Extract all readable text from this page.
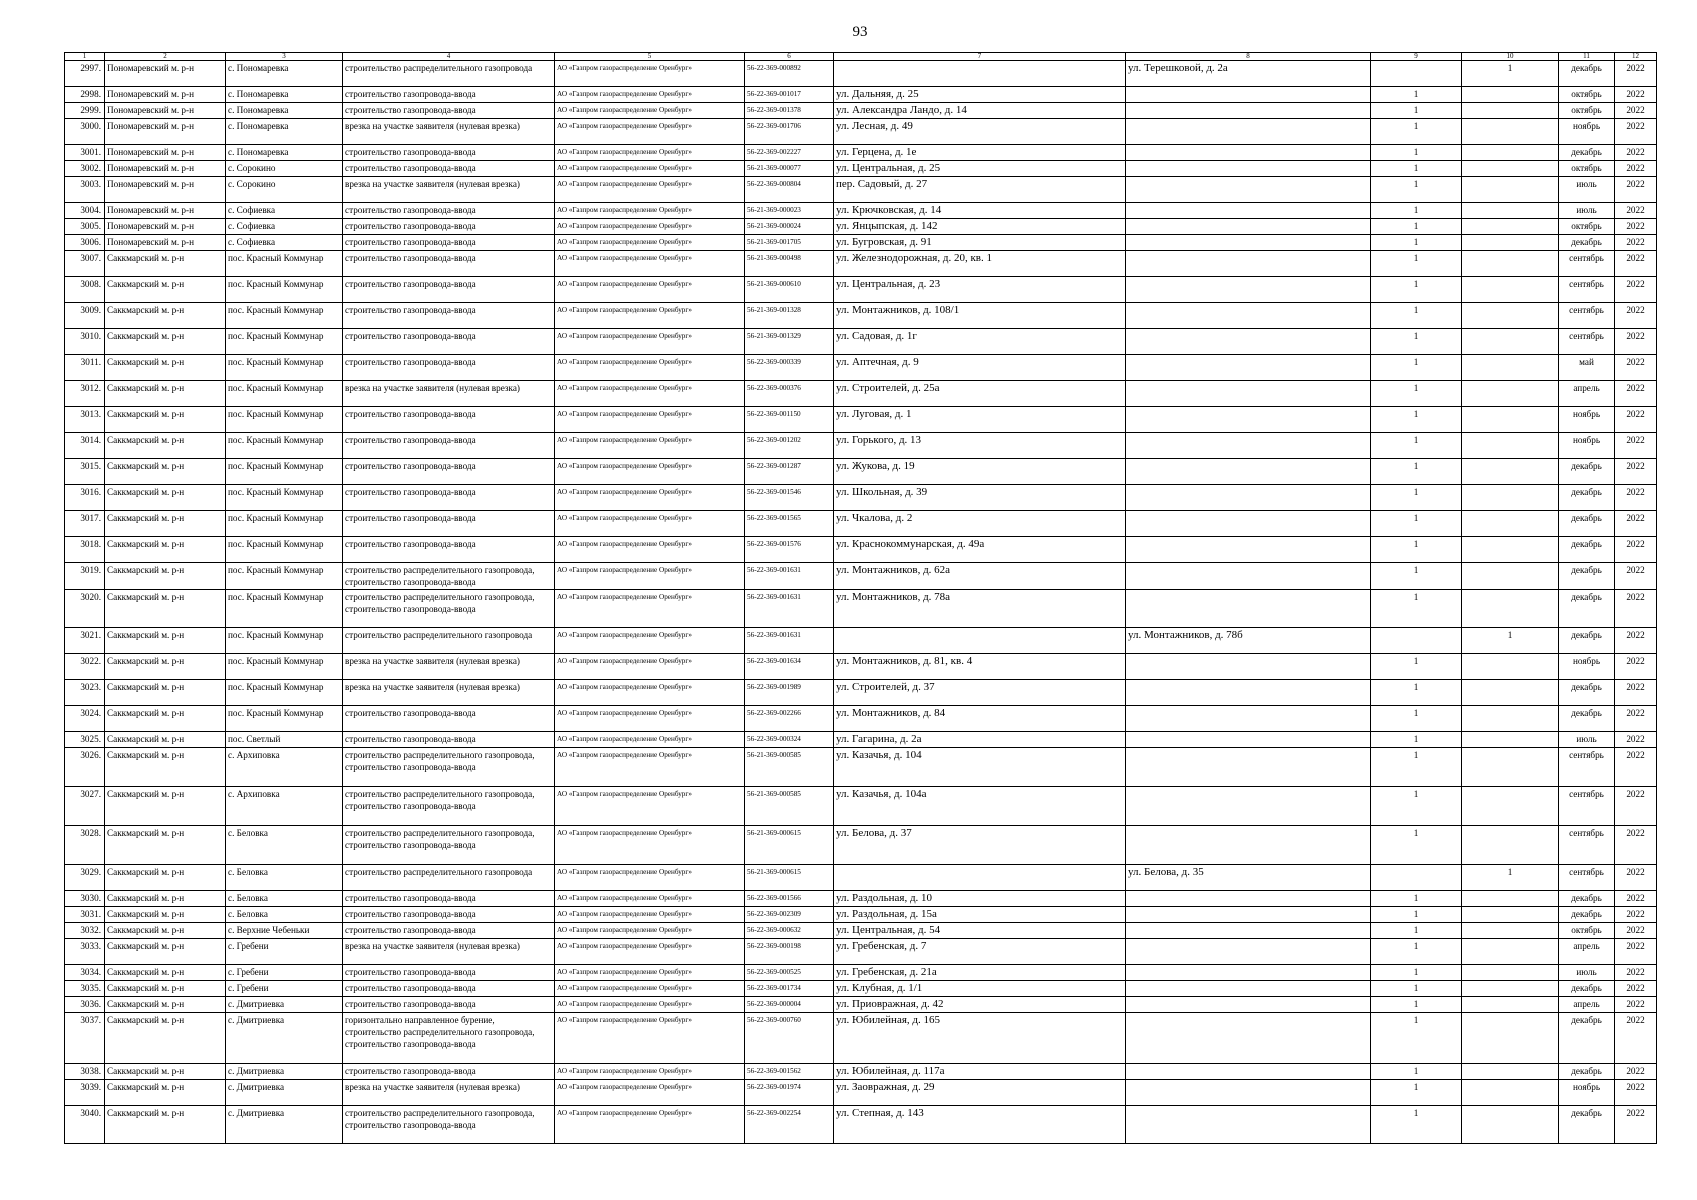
93
1	2	3	4	5	6	7	8	9	10	11	12
2997.	Пономаревский м. р-н	с. Пономаревка	строительство распределительного газопровода	АО «Газпром газораспределение Оренбург»	56-22-369-000892		ул. Терешковой, д. 2а		1	декабрь	2022
2998.	Пономаревский м. р-н	с. Пономаревка	строительство газопровода-ввода	АО «Газпром газораспределение Оренбург»	56-22-369-001017	ул. Дальняя, д. 25		1		октябрь	2022
2999.	Пономаревский м. р-н	с. Пономаревка	строительство газопровода-ввода	АО «Газпром газораспределение Оренбург»	56-22-369-001378	ул. Александра Ландо, д. 14		1		октябрь	2022
3000.	Пономаревский м. р-н	с. Пономаревка	врезка на участке заявителя (нулевая врезка)	АО «Газпром газораспределение Оренбург»	56-22-369-001706	ул. Лесная, д. 49		1		ноябрь	2022
3001.	Пономаревский м. р-н	с. Пономаревка	строительство газопровода-ввода	АО «Газпром газораспределение Оренбург»	56-22-369-002227	ул. Герцена, д. 1е		1		декабрь	2022
3002.	Пономаревский м. р-н	с. Сорокино	строительство газопровода-ввода	АО «Газпром газораспределение Оренбург»	56-21-369-000077	ул. Центральная, д. 25		1		октябрь	2022
3003.	Пономаревский м. р-н	с. Сорокино	врезка на участке заявителя (нулевая врезка)	АО «Газпром газораспределение Оренбург»	56-22-369-000804	пер. Садовый, д. 27		1		июль	2022
3004.	Пономаревский м. р-н	с. Софиевка	строительство газопровода-ввода	АО «Газпром газораспределение Оренбург»	56-21-369-000023	ул. Крючковская, д. 14		1		июль	2022
3005.	Пономаревский м. р-н	с. Софиевка	строительство газопровода-ввода	АО «Газпром газораспределение Оренбург»	56-21-369-000024	ул. Янцыпская, д. 142		1		октябрь	2022
3006.	Пономаревский м. р-н	с. Софиевка	строительство газопровода-ввода	АО «Газпром газораспределение Оренбург»	56-21-369-001705	ул. Бугровская, д. 91		1		декабрь	2022
3007.	Саккмарский м. р-н	пос. Красный Коммунар	строительство газопровода-ввода	АО «Газпром газораспределение Оренбург»	56-21-369-000498	ул. Железнодорожная, д. 20, кв. 1		1		сентябрь	2022
3008.	Саккмарский м. р-н	пос. Красный Коммунар	строительство газопровода-ввода	АО «Газпром газораспределение Оренбург»	56-21-369-000610	ул. Центральная, д. 23		1		сентябрь	2022
3009.	Саккмарский м. р-н	пос. Красный Коммунар	строительство газопровода-ввода	АО «Газпром газораспределение Оренбург»	56-21-369-001328	ул. Монтажников, д. 108/1		1		сентябрь	2022
3010.	Саккмарский м. р-н	пос. Красный Коммунар	строительство газопровода-ввода	АО «Газпром газораспределение Оренбург»	56-21-369-001329	ул. Садовая, д. 1г		1		сентябрь	2022
3011.	Саккмарский м. р-н	пос. Красный Коммунар	строительство газопровода-ввода	АО «Газпром газораспределение Оренбург»	56-22-369-000339	ул. Аптечная, д. 9		1		май	2022
3012.	Саккмарский м. р-н	пос. Красный Коммунар	врезка на участке заявителя (нулевая врезка)	АО «Газпром газораспределение Оренбург»	56-22-369-000376	ул. Строителей, д. 25а		1		апрель	2022
3013.	Саккмарский м. р-н	пос. Красный Коммунар	строительство газопровода-ввода	АО «Газпром газораспределение Оренбург»	56-22-369-001150	ул. Луговая, д. 1		1		ноябрь	2022
3014.	Саккмарский м. р-н	пос. Красный Коммунар	строительство газопровода-ввода	АО «Газпром газораспределение Оренбург»	56-22-369-001202	ул. Горького, д. 13		1		ноябрь	2022
3015.	Саккмарский м. р-н	пос. Красный Коммунар	строительство газопровода-ввода	АО «Газпром газораспределение Оренбург»	56-22-369-001287	ул. Жукова, д. 19		1		декабрь	2022
3016.	Саккмарский м. р-н	пос. Красный Коммунар	строительство газопровода-ввода	АО «Газпром газораспределение Оренбург»	56-22-369-001546	ул. Школьная, д. 39		1		декабрь	2022
3017.	Саккмарский м. р-н	пос. Красный Коммунар	строительство газопровода-ввода	АО «Газпром газораспределение Оренбург»	56-22-369-001565	ул. Чкалова, д. 2		1		декабрь	2022
3018.	Саккмарский м. р-н	пос. Красный Коммунар	строительство газопровода-ввода	АО «Газпром газораспределение Оренбург»	56-22-369-001576	ул. Краснокоммунарская, д. 49а		1		декабрь	2022
3019.	Саккмарский м. р-н	пос. Красный Коммунар	строительство распределительного газопровода, строительство газопровода-ввода	АО «Газпром газораспределение Оренбург»	56-22-369-001631	ул. Монтажников, д. 62а		1		декабрь	2022
3020.	Саккмарский м. р-н	пос. Красный Коммунар	строительство распределительного газопровода, строительство газопровода-ввода	АО «Газпром газораспределение Оренбург»	56-22-369-001631	ул. Монтажников, д. 78а		1		декабрь	2022
3021.	Саккмарский м. р-н	пос. Красный Коммунар	строительство распределительного газопровода	АО «Газпром газораспределение Оренбург»	56-22-369-001631		ул. Монтажников, д. 78б		1	декабрь	2022
3022.	Саккмарский м. р-н	пос. Красный Коммунар	врезка на участке заявителя (нулевая врезка)	АО «Газпром газораспределение Оренбург»	56-22-369-001634	ул. Монтажников, д. 81, кв. 4		1		ноябрь	2022
3023.	Саккмарский м. р-н	пос. Красный Коммунар	врезка на участке заявителя (нулевая врезка)	АО «Газпром газораспределение Оренбург»	56-22-369-001989	ул. Строителей, д. 37		1		декабрь	2022
3024.	Саккмарский м. р-н	пос. Красный Коммунар	строительство газопровода-ввода	АО «Газпром газораспределение Оренбург»	56-22-369-002266	ул. Монтажников, д. 84		1		декабрь	2022
3025.	Саккмарский м. р-н	пос. Светлый	строительство газопровода-ввода	АО «Газпром газораспределение Оренбург»	56-22-369-000324	ул. Гагарина, д. 2а		1		июль	2022
3026.	Саккмарский м. р-н	с. Архиповка	строительство распределительного газопровода, строительство газопровода-ввода	АО «Газпром газораспределение Оренбург»	56-21-369-000585	ул. Казачья, д. 104		1		сентябрь	2022
3027.	Саккмарский м. р-н	с. Архиповка	строительство распределительного газопровода, строительство газопровода-ввода	АО «Газпром газораспределение Оренбург»	56-21-369-000585	ул. Казачья, д. 104а		1		сентябрь	2022
3028.	Саккмарский м. р-н	с. Беловка	строительство распределительного газопровода, строительство газопровода-ввода	АО «Газпром газораспределение Оренбург»	56-21-369-000615	ул. Белова, д. 37		1		сентябрь	2022
3029.	Саккмарский м. р-н	с. Беловка	строительство распределительного газопровода	АО «Газпром газораспределение Оренбург»	56-21-369-000615		ул. Белова, д. 35		1	сентябрь	2022
3030.	Саккмарский м. р-н	с. Беловка	строительство газопровода-ввода	АО «Газпром газораспределение Оренбург»	56-22-369-001566	ул. Раздольная, д. 10		1		декабрь	2022
3031.	Саккмарский м. р-н	с. Беловка	строительство газопровода-ввода	АО «Газпром газораспределение Оренбург»	56-22-369-002309	ул. Раздольная, д. 15а		1		декабрь	2022
3032.	Саккмарский м. р-н	с. Верхние Чебеньки	строительство газопровода-ввода	АО «Газпром газораспределение Оренбург»	56-22-369-000632	ул. Центральная, д. 54		1		октябрь	2022
3033.	Саккмарский м. р-н	с. Гребени	врезка на участке заявителя (нулевая врезка)	АО «Газпром газораспределение Оренбург»	56-22-369-000198	ул. Гребенская, д. 7		1		апрель	2022
3034.	Саккмарский м. р-н	с. Гребени	строительство газопровода-ввода	АО «Газпром газораспределение Оренбург»	56-22-369-000525	ул. Гребенская, д. 21а		1		июль	2022
3035.	Саккмарский м. р-н	с. Гребени	строительство газопровода-ввода	АО «Газпром газораспределение Оренбург»	56-22-369-001734	ул. Клубная, д. 1/1		1		декабрь	2022
3036.	Саккмарский м. р-н	с. Дмитриевка	строительство газопровода-ввода	АО «Газпром газораспределение Оренбург»	56-22-369-000004	ул. Приовражная, д. 42		1		апрель	2022
3037.	Саккмарский м. р-н	с. Дмитриевка	горизонтально направленное бурение, строительство распределительного газопровода, строительство газопровода-ввода	АО «Газпром газораспределение Оренбург»	56-22-369-000760	ул. Юбилейная, д. 165		1		декабрь	2022
3038.	Саккмарский м. р-н	с. Дмитриевка	строительство газопровода-ввода	АО «Газпром газораспределение Оренбург»	56-22-369-001562	ул. Юбилейная, д. 117а		1		декабрь	2022
3039.	Саккмарский м. р-н	с. Дмитриевка	врезка на участке заявителя (нулевая врезка)	АО «Газпром газораспределение Оренбург»	56-22-369-001974	ул. Заовражная, д. 29		1		ноябрь	2022
3040.	Саккмарский м. р-н	с. Дмитриевка	строительство распределительного газопровода, строительство газопровода-ввода	АО «Газпром газораспределение Оренбург»	56-22-369-002254	ул. Степная, д. 143		1		декабрь	2022
